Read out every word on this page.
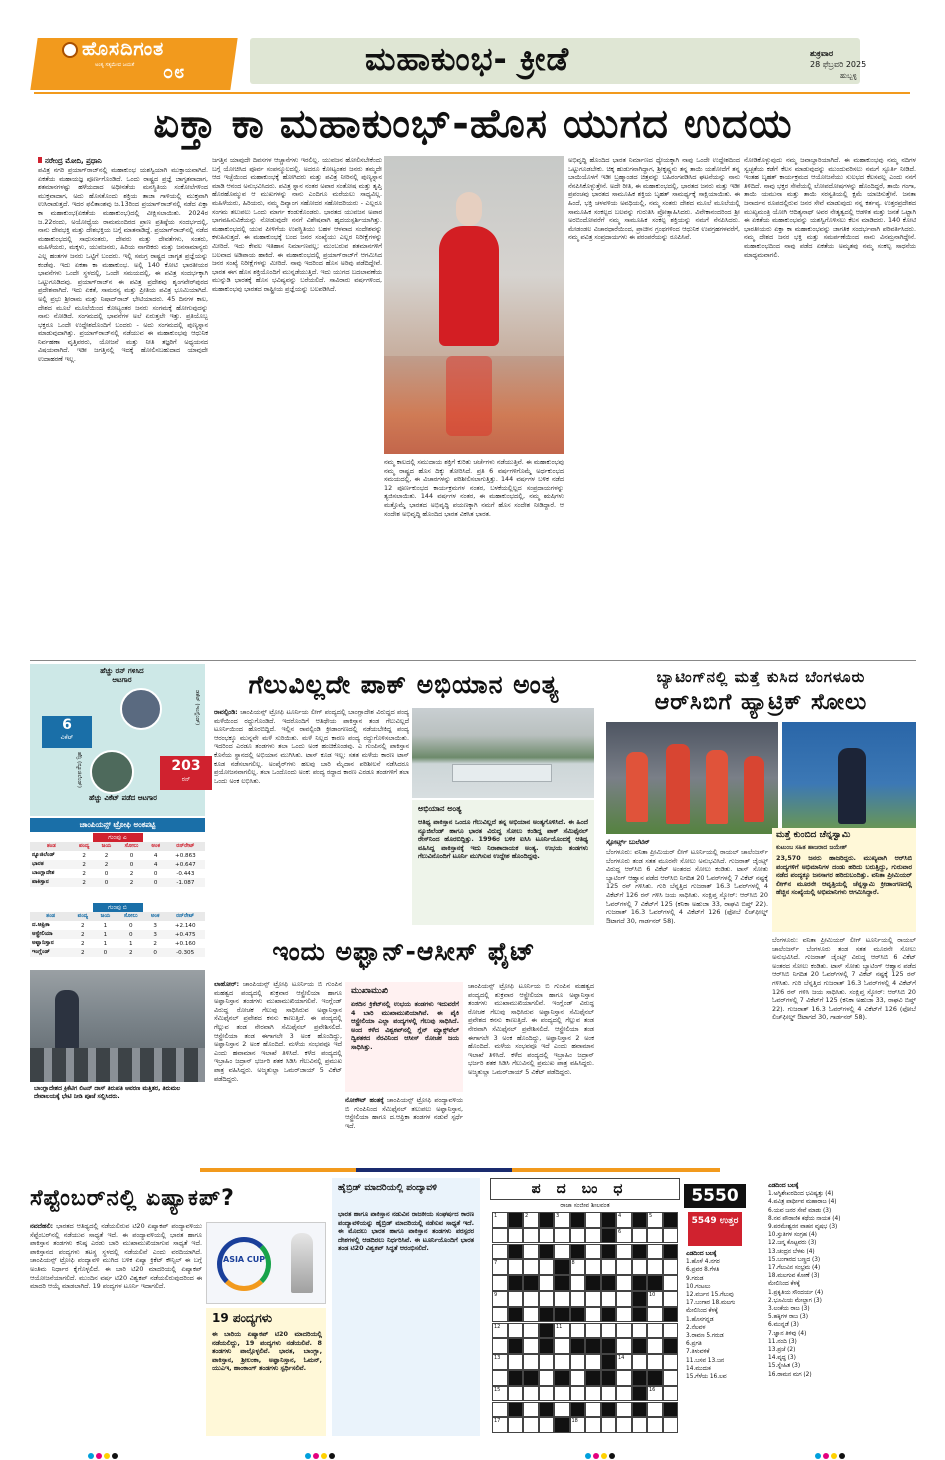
ಹೊಸದಿಗಂತ
ಅಂತ್ಯ ಸತ್ಯಮೇವ ಜಯತೆ ೦೮	ಮಹಾಕುಂಭ- ಕ್ರೀಡೆ	ಶುಕ್ರವಾರ
28 ಫೆಬ್ರವರಿ 2025
ಹುಬ್ಬಳ್ಳಿ
ಏಕ್ತಾ ಕಾ ಮಹಾಕುಂಭ್-ಹೊಸ ಯುಗದ ಉದಯ
ನರೇಂದ್ರ ಮೋದಿ, ಪ್ರಧಾನಿ
ಪವಿತ್ರ ನಗರಿ ಪ್ರಯಾಗ್‌ರಾಜ್‌ನಲ್ಲಿ ಮಹಾಕುಂಭ ಯಶಸ್ವಿಯಾಗಿ ಮುಕ್ತಾಯವಾಗಿದೆ. ಏಕತೆಯ ಮಹಾಯಜ್ಞ ಪೂರ್ಣಗೊಂಡಿದೆ. ಒಂದು ರಾಷ್ಟ್ರದ ಪ್ರಜ್ಞೆ ಜಾಗೃತವಾದಾಗ, ಶತಮಾನಗಳಷ್ಟು ಹಳೆಯದಾದ ಅಧೀನತೆಯ ಮನಸ್ಥಿತಿಯ ಸಂಕೋಲೆಗಳಿಂದ ಮುಕ್ತವಾದಾಗ, ಅದು ಹೊಸತೊಂದು ಶಕ್ತಿಯ ತಾಜಾ ಗಾಳಿಯಲ್ಲಿ ಮುಕ್ತವಾಗಿ ಉಸಿರಾಡುತ್ತದೆ. ಇದರ ಫಲಿತಾಂಶವು ಜ.13ರಿಂದ ಪ್ರಯಾಗ್‌ರಾಜ್‌ನಲ್ಲಿ ನಡೆದ ಏಕ್ತಾ ಕಾ ಮಹಾಕುಂಭ(ಏಕತೆಯ ಮಹಾಕುಂಭ)ದಲ್ಲಿ ವೀಕ್ಷಿಸಲಾಯಿತು. 2024ರ ಜ.22ರಂದು, ಅಯೋಧ್ಯೆಯ ರಾಮಮಂದಿರದ ಪ್ರಾಣ ಪ್ರತಿಷ್ಠೆಯ ಸಂದರ್ಭದಲ್ಲಿ, ನಾನು ದೇವಭಕ್ತಿ ಮತ್ತು ದೇಶಭಕ್ತಿಯ ಬಗ್ಗೆ ಮಾತನಾಡಿದ್ದೆ. ಪ್ರಯಾಗ್‌ರಾಜ್‌ನಲ್ಲಿ ನಡೆದ ಮಹಾಕುಂಭದಲ್ಲಿ ಸಾಧುಸಂತರು, ದೇವರು ಮತ್ತು ದೇವತೆಗಳು, ಸಂತರು, ಮಹಿಳೆಯರು, ಮಕ್ಕಳು, ಯುವಜನರು, ಹಿರಿಯ ನಾಗರಿಕರು ಮತ್ತು ಜನಸಾಮಾನ್ಯರು ಎಲ್ಲ ಹಂತಗಳ ಜನರು ಒಟ್ಟಿಗೆ ಬಂದರು. ಇಲ್ಲಿ ಸಮಗ್ರ ರಾಷ್ಟ್ರದ ಜಾಗೃತ ಪ್ರಜ್ಞೆಯನ್ನು ಕಂಡೆವು. ಇದು ಏಕತಾ ಕಾ ಮಹಾಕುಂಭ. ಅಲ್ಲಿ 140 ಕೋಟಿ ಭಾರತೀಯರ ಭಾವನೆಗಳು ಒಂದೇ ಸ್ಥಳದಲ್ಲಿ, ಒಂದೇ ಸಮಯದಲ್ಲಿ, ಈ ಪವಿತ್ರ ಸಂದರ್ಭಕ್ಕಾಗಿ ಒಟ್ಟುಗೂಡಿದವು. ಪ್ರಯಾಗ್‌ರಾಜ್‌ನ ಈ ಪವಿತ್ರ ಪ್ರದೇಶವು ಶೃಂಗವೇರ್‌ಪುರದ ಪ್ರದೇಶವಾಗಿದೆ. ಇದು ಏಕತೆ, ಸಾಮರಸ್ಯ ಮತ್ತು ಪ್ರೀತಿಯ ಪವಿತ್ರ ಭೂಮಿಯಾಗಿದೆ. ಅಲ್ಲಿ ಪ್ರಭು ಶ್ರೀರಾಮ ಮತ್ತು ನಿಷಾದ್‌ರಾಜ್‌ ಭೇಟಿಯಾದರು. 45 ದಿನಗಳ ಕಾಲ, ದೇಶದ ಮೂಲೆ ಮೂಲೆಯಿಂದ ಕೋಟ್ಯಂತರ ಜನರು ಸಂಗಮಕ್ಕೆ ಹೋಗುವುದನ್ನು ನಾನು ನೋಡಿದೆ. ಸಂಗಮದಲ್ಲಿ ಭಾವನೆಗಳ ಅಲೆ ಏರುತ್ತಲೇ ಇತ್ತು. ಪ್ರತಿಯೊಬ್ಬ ಭಕ್ತರೂ ಒಂದೇ ಉದ್ದೇಶದೊಂದಿಗೆ ಬಂದರು - ಅದು ಸಂಗಮದಲ್ಲಿ ಪುಣ್ಯಸ್ನಾನ ಮಾಡುವುದಾಗಿತ್ತು. ಪ್ರಯಾಗ್‌ರಾಜ್‌ನಲ್ಲಿ ನಡೆಯುವ ಈ ಮಹಾಕುಂಭವು ಆಧುನಿಕ ನಿರ್ವಹಣಾ ವೃತ್ತಿಪರರು, ಯೋಜನೆ ಮತ್ತು ನೀತಿ ತಜ್ಞರಿಗೆ ಅಧ್ಯಯನದ ವಿಷಯವಾಗಿದೆ. ಇಡೀ ಜಗತ್ತಿನಲ್ಲಿ ಇದಕ್ಕೆ ಹೋಲಿಸಬಹುದಾದ ಯಾವುದೇ ಉದಾಹರಣೆ ಇಲ್ಲ.
ಜಗತ್ತಿನ ಯಾವುದೇ ದಿವಸಗಳ ಆಚ್ಚಾನೆಗಳು ಇರಲಿಲ್ಲ. ಯುವಜನ ಹೋಲಿಸಬೇಕೆಂದು ಬಗ್ಗೆ ಯೋಚಿಸಿದ ಪೂರ್ವ ಸಂಪನ್ಮೂಲದಲ್ಲಿ. ಅದರೂ ಕೋಟ್ಯಂತರ ಜನರು ತಮ್ಮದೇ ಆದ ಇಚ್ಛೆಯಿಂದ ಮಹಾಕುಂಭಕ್ಕೆ ಹೋಗಿದರು ಮತ್ತು ಪವಿತ್ರ ನೀರಿನಲ್ಲಿ ಪುಣ್ಯಸ್ನಾನ ಮಾಡಿ ಆನಂದ ಅನುಭವಿಸಿದರು. ಪವಿತ್ರ ಸ್ನಾನ ನಂತರ ಅಪಾರ ಸಂತೋಷ ಮತ್ತು ತೃಪ್ತಿ ಹೊರಹೊಮ್ಮುವ ಆ ಮುಖಗಳನ್ನು ನಾನು ಎಂದಿಗೂ ಮರೆಯಲು ಸಾಧ್ಯವಿಲ್ಲ. ಮಹಿಳೆಯರು, ಹಿರಿಯರು, ನಮ್ಮ ದಿವ್ಯಾಂಗ ಸಹೋದರ ಸಹೋದರಿಯರು - ಎಲ್ಲರೂ ಸಂಗಮ ತಲುಪಲು ಒಂದು ಮಾರ್ಗ ಕಂಡುಕೊಂಡರು. ಭಾರತದ ಯುವಜನ ಅಪಾರ ಭಾಗವಹಿಸುವಿಕೆಯನ್ನು ನೋಡುವುದೇ ನನಗೆ ವಿಶೇಷವಾಗಿ ಹೃದಯಸ್ಪರ್ಶಿಯಾಗಿತ್ತು. ಮಹಾಕುಂಭದಲ್ಲಿ ಯುವ ಪೀಳಿಗೆಯ ಉಪಸ್ಥಿತಿಯು ಬಹಳ ಆಳವಾದ ಸಂದೇಶವನ್ನು ಕಳುಹಿಸುತ್ತದೆ. ಈ ಮಹಾಕುಂಭಕ್ಕೆ ಬಂದ ಜನರ ಸಂಖ್ಯೆಯು ಎಲ್ಲರ ನಿರೀಕ್ಷೆಗಳನ್ನು ಮೀರಿದೆ. ಇದು ಕೇವಲ ಇತಿಹಾಸ ನಿರ್ಮಾಣವಲ್ಲ; ಮುಂಬರುವ ಶತಮಾನಗಳಿಗೆ ಬಲವಾದ ಅಡಿಪಾಯ ಹಾಕಿದೆ. ಈ ಮಹಾಕುಂಭದಲ್ಲಿ ಪ್ರಯಾಗ್‌ರಾಜ್‌ಗೆ ಆಗಮಿಸಿದ ಜನರ ಸಂಖ್ಯೆ ನಿರೀಕ್ಷೆಗಳನ್ನು ಮೀರಿದೆ. ನಾವು ಇದರಿಂದ ಹೊಸ ಅರಿವು ಪಡೆದಿದ್ದೇವೆ. ಭಾರತ ಈಗ ಹೊಸ ಶಕ್ತಿಯೊಂದಿಗೆ ಮುನ್ನಡೆಯುತ್ತಿದೆ. ಇದು ಯುಗದ ಬದಲಾವಣೆಯ ಮುನ್ನುಡಿ ಭಾರತಕ್ಕೆ ಹೊಸ ಭವಿಷ್ಯವನ್ನು ಬರೆಯಲಿದೆ. ಸಾವಿರಾರು ವರ್ಷಗಳಿಂದ, ಮಹಾಕುಂಭವು ಭಾರತದ ರಾಷ್ಟ್ರೀಯ ಪ್ರಜ್ಞೆಯನ್ನು ಬಲಪಡಿಸಿದೆ.
ನಮ್ಮ ಕಾಲದಲ್ಲಿ ಸಮುದಾಯ ಶಕ್ತಿಗೆ ಕುರಿತು ಚರ್ಚೆಗಳು ನಡೆಯುತ್ತಿವೆ. ಈ ಮಹಾಕುಂಭವು ನಮ್ಮ ರಾಷ್ಟ್ರದ ಹೊಸ ದಿಕ್ಕು ತೋರಿಸಿದೆ. ಪ್ರತಿ 6 ವರ್ಷಗಳಿಗೊಮ್ಮೆ ಅರ್ಧಕುಂಭದ ಸಮಯದಲ್ಲಿ, ಈ ವಿಚಾರಗಳನ್ನು ಪರಿಶೀಲಿಸಲಾಗುತ್ತಿತ್ತು. 144 ವರ್ಷಗಳ ಬಳಿಕ ನಡೆದ 12 ಪೂರ್ಣಕುಂಭದ ಕಾರ್ಯಕ್ರಮಗಳ ನಂತರ, ಬಳಕೆಯಲ್ಲಿಲ್ಲದ ಸಂಪ್ರದಾಯಗಳನ್ನು ತ್ಯಜಿಸಲಾಯಿತು. 144 ವರ್ಷಗಳ ನಂತರ, ಈ ಮಹಾಕುಂಭದಲ್ಲಿ, ನಮ್ಮ ಋಷಿಗಳು ಮತ್ತೊಮ್ಮೆ ಭಾರತದ ಅಭಿವೃದ್ಧಿ ಪಯಣಕ್ಕಾಗಿ ನಮಗೆ ಹೊಸ ಸಂದೇಶ ನೀಡಿದ್ದಾರೆ. ಆ ಸಂದೇಶ ಅಭಿವೃದ್ಧಿ ಹೊಂದಿದ ಭಾರತ ವಿಕಸಿತ ಭಾರತ.
ಅಭಿವೃದ್ಧಿ ಹೊಂದಿದ ಭಾರತ ನಿರ್ಮಾಣದ ಧ್ಯೇಯಕ್ಕಾಗಿ ನಾವು ಒಂದೇ ಉದ್ದೇಶದಿಂದ ಒಟ್ಟುಗೂಡಬೇಕು. ಚಿಕ್ಕ ಹುಡುಗನಾಗಿದ್ದಾಗ, ಶ್ರೀಕೃಷ್ಣನು ತನ್ನ ತಾಯಿ ಯಶೋದೆಗೆ ತನ್ನ ಬಾಯಿಯೊಳಗೆ ಇಡೀ ಬ್ರಹ್ಮಾಂಡದ ಚಿತ್ರವನ್ನು ಬಹಿರಂಗಪಡಿಸಿದ ಘಟನೆಯನ್ನು ನಾನು ನೆನಪಿಸಿಕೊಳ್ಳುತ್ತೇನೆ. ಅದೇ ರೀತಿ, ಈ ಮಹಾಕುಂಭದಲ್ಲಿ, ಭಾರತದ ಜನರು ಮತ್ತು ಇಡೀ ಪ್ರಪಂಚವು ಭಾರತದ ಸಾಮೂಹಿಕ ಶಕ್ತಿಯ ಬೃಹತ್ ಸಾಮರ್ಥ್ಯಕ್ಕೆ ಸಾಕ್ಷಿಯಾಯಿತು. ಈ ಹಿಂದೆ, ಭಕ್ತಿ ಚಳವಳಿಯ ಅವಧಿಯಲ್ಲಿ, ನಮ್ಮ ಸಂತರು ದೇಶದ ಮೂಲೆ ಮೂಲೆಯಲ್ಲಿ ಸಾಮೂಹಿಕ ಸಂಕಲ್ಪದ ಬಲವನ್ನು ಗುರುತಿಸಿ ಪ್ರೋತ್ಸಾಹಿಸಿದರು. ವಿವೇಕಾನಂದರಿಂದ ಶ್ರೀ ಅರಬಿಂದೋವರೆಗೆ ನಮ್ಮ ಸಾಮೂಹಿಕ ಸಂಕಲ್ಪ ಶಕ್ತಿಯನ್ನು ನಮಗೆ ನೆನಪಿಸಿದರು. ಮೇಡಂಡಲ ವಿಚಾರಧಾರೆಯಿಂದ, ಪ್ರಾಚೀನ ಗ್ರಂಥಗಳಿಂದ ಆಧುನಿಕ ಉಪಗ್ರಹಗಳವರೆಗೆ, ನಮ್ಮ ಪವಿತ್ರ ಸಂಪ್ರದಾಯಗಳು ಈ ಪರಂಪರೆಯನ್ನು ರೂಪಿಸಿವೆ.
ನೋಡಿಕೊಳ್ಳುವುದು ನಮ್ಮ ಜವಾಬ್ದಾರಿಯಾಗಿದೆ. ಈ ಮಹಾಕುಂಭವು ನಮ್ಮ ನದಿಗಳ ಸ್ವಚ್ಛತೆಯ ಕಡೆಗೆ ಕೆಲಸ ಮಾಡುವುದನ್ನು ಮುಂದುವರಿಸಲು ನಮಗೆ ಸ್ಫೂರ್ತಿ ನೀಡಿದೆ. ಇಂತಹ ಬೃಹತ್ ಕಾರ್ಯಕ್ರಮದ ಆಯೋಜನೆಯು ಸುಲಭದ ಕೆಲಸವಲ್ಲ ಎಂದು ನನಗೆ ತಿಳಿದಿದೆ. ನಾವು ಭಕ್ತರ ಸೇವೆಯಲ್ಲಿ ಲೋಪದೋಷಗಳನ್ನು ಹೊಂದಿದ್ದರೆ, ತಾಯಿ ಗಂಗಾ, ತಾಯಿ ಯಮುನಾ ಮತ್ತು ತಾಯಿ ಸರಸ್ವತಿಯಲ್ಲಿ ಕ್ಷಮೆ ಯಾಚಿಸುತ್ತೇನೆ. ಜನತಾ ಜನಾರ್ದನ ರೂಪದಲ್ಲಿರುವ ಜನರ ಸೇವೆ ಮಾಡುವುದು ನನ್ನ ಕರ್ತವ್ಯ. ಉತ್ತರಪ್ರದೇಶದ ಮುಖ್ಯಮಂತ್ರಿ ಯೋಗಿ ಆದಿತ್ಯನಾಥ್ ಅವರ ನೇತೃತ್ವದಲ್ಲಿ ಆಡಳಿತ ಮತ್ತು ಜನತೆ ಒಟ್ಟಾಗಿ ಈ ಏಕತೆಯ ಮಹಾಕುಂಭವನ್ನು ಯಶಸ್ವಿಗೊಳಿಸಲು ಕೆಲಸ ಮಾಡಿದರು. 140 ಕೋಟಿ ಭಾರತೀಯರು ಏಕ್ತಾ ಕಾ ಮಹಾಕುಂಭವನ್ನು ಜಾಗತಿಕ ಸಂದರ್ಭವಾಗಿ ಪರಿವರ್ತಿಸಿದರು. ನಮ್ಮ ದೇಶದ ಜನರ ಭಕ್ತಿ ಮತ್ತು ಸಮರ್ಪಣೆಯಿಂದ ನಾನು ವಿನಮ್ರನಾಗಿದ್ದೇನೆ. ಮಹಾಕುಂಭದಿಂದ ನಾವು ಪಡೆದ ಏಕತೆಯ ಅಮೃತವು ನಮ್ಮ ಸಂಕಲ್ಪ ಸಾಧನೆಯ ಮಾಧ್ಯಮವಾಗಲಿ.
ಹೆಚ್ಚು ರನ್ ಗಳಿಸಿದ ಆಟಗಾರ
ಡಕೆಟ್ (ಇಂಗ್ಲೆಂಡ್)
6
ವಿಕೆಟ್
203
ರನ್
ಹೆನ್ರಿ (ನ್ಯೂಜಿಲೆಂಡ್)
ಹೆಚ್ಚು ವಿಕೆಟ್ ಪಡೆದ ಆಟಗಾರ
ಚಾಂಪಿಯನ್ಸ್ ಟ್ರೋಫಿ ಅಂಕಪಟ್ಟಿ
ಗುಂಪು ಎ
ತಂಡ	ಪಂದ್ಯ	ಜಯ	ಸೋಲು	ಅಂಕ	ರನ್‌ರೇಟ್
ನ್ಯೂಜಿಲೆಂಡ್	2	2	0	4	+0.863
ಭಾರತ	2	2	0	4	+0.647
ಬಾಂಗ್ಲಾದೇಶ	2	0	2	0	-0.443
ಪಾಕಿಸ್ತಾನ	2	0	2	0	-1.087
ಗುಂಪು ಬಿ
ತಂಡ	ಪಂದ್ಯ	ಜಯ	ಸೋಲು	ಅಂಕ	ರನ್‌ರೇಟ್
ದ.ಆಫ್ರಿಕಾ	2	1	0	3	+2.140
ಆಸ್ಟ್ರೇಲಿಯಾ	2	1	0	3	+0.475
ಅಫ್ಘಾನಿಸ್ತಾನ	2	1	1	2	+0.160
ಇಂಗ್ಲೆಂಡ್	2	0	2	0	-0.305
ಬಾಂಗ್ಲಾದೇಶದ ಕ್ರಿಕೆಟಿಗ ಲಿಟನ್ ದಾಸ್ ತಿರುಪತಿ ಆವರಣ ಮತ್ತಿತರ, ತಿರುಮಲ ದೇವಾಲಯಕ್ಕೆ ಭೇಟಿ ನೀಡಿ ಪೂಜೆ ಸಲ್ಲಿಸಿದರು.
ಗೆಲುವಿಲ್ಲದೇ ಪಾಕ್ ಅಭಿಯಾನ ಅಂತ್ಯ
ರಾವಲ್ಪಿಂಡಿ: ಚಾಂಪಿಯನ್ಸ್ ಟ್ರೋಫಿ ಟೂರ್ನಿಯ ಲೀಗ್‌ ಪಂದ್ಯದಲ್ಲಿ ಬಾಂಗ್ಲಾದೇಶ ವಿರುದ್ಧದ ಪಂದ್ಯ ಮಳೆಯಿಂದ ರದ್ದುಗೊಂಡಿದೆ. ಇದರೊಂದಿಗೆ ಆತಿಥೇಯ ಪಾಕಿಸ್ತಾನ ತಂಡ ಗೆಲುವಿಲ್ಲದೆ ಟೂರ್ನಿಯಿಂದ ಹೊರಬಿದ್ದಿದೆ. ಇಲ್ಲಿನ ರಾವಲ್ಪಿಂಡಿ ಕ್ರೀಡಾಂಗಣದಲ್ಲಿ ನಡೆಯಬೇಕಿದ್ದ ಪಂದ್ಯ ಆರಂಭಕ್ಕೂ ಮುನ್ನವೇ ಮಳೆ ಸುರಿಯಿತು. ಮಳೆ ನಿಲ್ಲದ ಕಾರಣ ಪಂದ್ಯ ರದ್ದುಗೊಳಿಸಲಾಯಿತು. ಇದರಿಂದ ಎರಡೂ ತಂಡಗಳು ತಲಾ ಒಂದು ಅಂಕ ಹಂಚಿಕೊಂಡವು. ಎ ಗುಂಪಿನಲ್ಲಿ ಪಾಕಿಸ್ತಾನ ಕೊನೆಯ ಸ್ಥಾನದಲ್ಲಿ ಅಭಿಯಾನ ಮುಗಿಸಿತು. ಟಾಸ್ ಕೂಡ ಇಲ್ಲ: ಸತತ ಮಳೆಯ ಕಾರಣ ಟಾಸ್ ಕೂಡ ನಡೆಸಲಾಗಲಿಲ್ಲ. ಅಂಪೈರ್‌ಗಳು ಹಲವು ಬಾರಿ ಮೈದಾನ ಪರಿಶೀಲನೆ ನಡೆಸಿದರೂ ಪ್ರಯೋಜನವಾಗಲಿಲ್ಲ. ತಲಾ ಒಂದೊಂದು ಅಂಕ: ಪಂದ್ಯ ರದ್ದಾದ ಕಾರಣ ಎರಡೂ ತಂಡಗಳಿಗೆ ತಲಾ ಒಂದು ಅಂಕ ಲಭಿಸಿತು.
ಅಭಿಯಾನ ಅಂತ್ಯ
ಆತಿಥ್ಯ ಪಾಕಿಸ್ತಾನ ಒಂದೂ ಗೆಲುವಿಲ್ಲದೆ ತನ್ನ ಅಭಿಯಾನ ಅಂತ್ಯಗೊಳಿಸಿದೆ. ಈ ಹಿಂದೆ ನ್ಯೂಜಿಲೆಂಡ್ ಹಾಗೂ ಭಾರತ ವಿರುದ್ಧ ಸೋಲು ಕಂಡಿದ್ದ ಪಾಕ್ ಸೆಮಿಫೈನಲ್ ರೇಸ್‌ನಿಂದ ಹೊರಬಿದ್ದಿತ್ತು. 1996ರ ಬಳಿಕ ಐಸಿಸಿ ಟೂರ್ನಿಯೊಂದಕ್ಕೆ ಆತಿಥ್ಯ ವಹಿಸಿದ್ದ ಪಾಕಿಸ್ತಾನಕ್ಕೆ ಇದು ನಿರಾಶಾದಾಯಕ ಅಂತ್ಯ. ಉಭಯ ತಂಡಗಳು ಗೆಲುವಿನೊಂದಿಗೆ ಟೂರ್ನಿ ಮುಗಿಸುವ ಉದ್ದೇಶ ಹೊಂದಿದ್ದವು.
ಬ್ಯಾಟಿಂಗ್‌ನಲ್ಲಿ ಮತ್ತೆ ಕುಸಿದ ಬೆಂಗಳೂರು
ಆರ್‌ಸಿಬಿಗೆ ಹ್ಯಾಟ್ರಿಕ್ ಸೋಲು
ಸ್ಪೋರ್ಟ್ಸ್ ಬುಲೆಟಿನ್
ಬೆಂಗಳೂರು: ವನಿತಾ ಪ್ರೀಮಿಯರ್ ಲೀಗ್ ಟೂರ್ನಿಯಲ್ಲಿ ರಾಯಲ್ ಚಾಲೆಂಜರ್ಸ್ ಬೆಂಗಳೂರು ತಂಡ ಸತತ ಮೂರನೇ ಸೋಲು ಅನುಭವಿಸಿದೆ. ಗುಜರಾತ್ ಜೈಂಟ್ಸ್ ವಿರುದ್ಧ ಆರ್‌ಸಿಬಿ 6 ವಿಕೆಟ್ ಅಂತರದ ಸೋಲು ಕಂಡಿತು. ಟಾಸ್ ಸೋತು ಬ್ಯಾಟಿಂಗ್ ಆಹ್ವಾನ ಪಡೆದ ಆರ್‌ಸಿಬಿ ನಿಗದಿತ 20 ಓವರ್‌ಗಳಲ್ಲಿ 7 ವಿಕೆಟ್ ನಷ್ಟಕ್ಕೆ 125 ರನ್ ಗಳಿಸಿತು. ಗುರಿ ಬೆನ್ನತ್ತಿದ ಗುಜರಾತ್ 16.3 ಓವರ್‌ಗಳಲ್ಲಿ 4 ವಿಕೆಟ್‌ಗೆ 126 ರನ್ ಗಳಿಸಿ ಜಯ ಸಾಧಿಸಿತು. ಸಂಕ್ಷಿಪ್ತ ಸ್ಕೋರ್: ಆರ್‌ಸಿಬಿ 20 ಓವರ್‌ಗಳಲ್ಲಿ 7 ವಿಕೆಟ್‌ಗೆ 125 (ಕನಿಕಾ ಅಹುಜಾ 33, ರಾಘವಿ ಬಿಷ್ತ್ 22). ಗುಜರಾತ್ 16.3 ಓವರ್‌ಗಳಲ್ಲಿ 4 ವಿಕೆಟ್‌ಗೆ 126 (ಫೋಬೆ ಲಿಚ್‌ಫೀಲ್ಡ್ ಔಟಾಗದೆ 30, ಗಾರ್ಡನರ್ 58).
ಮತ್ತೆ ಕುಂಬಿದ ಚೆನ್ನಸ್ವಾಮಿ
ಕುಟುಂಬ ಸಹಿತ ಹಾಜರಾದ ಜಯೇಶ್
23,570 ಜನರು ಹಾಜರಿದ್ದರು. ಮುಖ್ಯವಾಗಿ ಆರ್‌ಸಿಬಿ ಪಂದ್ಯಗಳಿಗೆ ಅಭಿಮಾನಿಗಳ ದಂಡು ಹರಿದು ಬರುತ್ತಿದ್ದು, ಗುರುವಾರ ನಡೆದ ಪಂದ್ಯಕ್ಕೂ ಜನಸಾಗರ ಹರಿದುಬಂದಿತ್ತು. ವನಿತಾ ಪ್ರೀಮಿಯರ್ ಲೀಗ್‌ನ ಮೂರನೇ ಆವೃತ್ತಿಯಲ್ಲಿ ಚೆನ್ನಸ್ವಾಮಿ ಕ್ರೀಡಾಂಗಣದಲ್ಲಿ ಹೆಚ್ಚಿನ ಸಂಖ್ಯೆಯಲ್ಲಿ ಅಭಿಮಾನಿಗಳು ಆಗಮಿಸಿದ್ದಾರೆ.
ಬೆಂಗಳೂರು: ವನಿತಾ ಪ್ರೀಮಿಯರ್ ಲೀಗ್ ಟೂರ್ನಿಯಲ್ಲಿ ರಾಯಲ್ ಚಾಲೆಂಜರ್ಸ್ ಬೆಂಗಳೂರು ತಂಡ ಸತತ ಮೂರನೇ ಸೋಲು ಅನುಭವಿಸಿದೆ. ಗುಜರಾತ್ ಜೈಂಟ್ಸ್ ವಿರುದ್ಧ ಆರ್‌ಸಿಬಿ 6 ವಿಕೆಟ್ ಅಂತರದ ಸೋಲು ಕಂಡಿತು. ಟಾಸ್ ಸೋತು ಬ್ಯಾಟಿಂಗ್ ಆಹ್ವಾನ ಪಡೆದ ಆರ್‌ಸಿಬಿ ನಿಗದಿತ 20 ಓವರ್‌ಗಳಲ್ಲಿ 7 ವಿಕೆಟ್ ನಷ್ಟಕ್ಕೆ 125 ರನ್ ಗಳಿಸಿತು. ಗುರಿ ಬೆನ್ನತ್ತಿದ ಗುಜರಾತ್ 16.3 ಓವರ್‌ಗಳಲ್ಲಿ 4 ವಿಕೆಟ್‌ಗೆ 126 ರನ್ ಗಳಿಸಿ ಜಯ ಸಾಧಿಸಿತು. ಸಂಕ್ಷಿಪ್ತ ಸ್ಕೋರ್: ಆರ್‌ಸಿಬಿ 20 ಓವರ್‌ಗಳಲ್ಲಿ 7 ವಿಕೆಟ್‌ಗೆ 125 (ಕನಿಕಾ ಅಹುಜಾ 33, ರಾಘವಿ ಬಿಷ್ತ್ 22). ಗುಜರಾತ್ 16.3 ಓವರ್‌ಗಳಲ್ಲಿ 4 ವಿಕೆಟ್‌ಗೆ 126 (ಫೋಬೆ ಲಿಚ್‌ಫೀಲ್ಡ್ ಔಟಾಗದೆ 30, ಗಾರ್ಡನರ್ 58).
ಇಂದು ಅಫ್ಘಾನ್-ಆಸೀಸ್ ಫೈಟ್
ಲಾಹೋರ್: ಚಾಂಪಿಯನ್ಸ್ ಟ್ರೋಫಿ ಟೂರ್ನಿಯ ಬಿ ಗುಂಪಿನ ಮಹತ್ವದ ಪಂದ್ಯದಲ್ಲಿ ಶುಕ್ರವಾರ ಆಸ್ಟ್ರೇಲಿಯಾ ಹಾಗೂ ಅಫ್ಘಾನಿಸ್ತಾನ ತಂಡಗಳು ಮುಖಾಮುಖಿಯಾಗಲಿವೆ. ಇಂಗ್ಲೆಂಡ್ ವಿರುದ್ಧ ರೋಚಕ ಗೆಲುವು ಸಾಧಿಸಿರುವ ಅಫ್ಘಾನಿಸ್ತಾನ ಸೆಮಿಫೈನಲ್ ಪ್ರವೇಶದ ಕನಸು ಕಾಣುತ್ತಿದೆ. ಈ ಪಂದ್ಯದಲ್ಲಿ ಗೆಲ್ಲುವ ತಂಡ ನೇರವಾಗಿ ಸೆಮಿಫೈನಲ್ ಪ್ರವೇಶಿಸಲಿದೆ. ಆಸ್ಟ್ರೇಲಿಯಾ ತಂಡ ಈಗಾಗಲೇ 3 ಅಂಕ ಹೊಂದಿದ್ದು, ಅಫ್ಘಾನಿಸ್ತಾನ 2 ಅಂಕ ಹೊಂದಿದೆ. ಮಳೆಯ ಸಂಭವವೂ ಇದೆ ಎಂದು ಹವಾಮಾನ ಇಲಾಖೆ ತಿಳಿಸಿದೆ. ಕಳೆದ ಪಂದ್ಯದಲ್ಲಿ ಇಬ್ರಾಹಿಂ ಜದ್ರಾನ್ ಭರ್ಜರಿ ಶತಕ ಸಿಡಿಸಿ ಗೆಲುವಿನಲ್ಲಿ ಪ್ರಮುಖ ಪಾತ್ರ ವಹಿಸಿದ್ದರು. ಅಜ್ಮತುಲ್ಲಾ ಒಮರ್‌ಜಾಯ್ 5 ವಿಕೆಟ್ ಪಡೆದಿದ್ದರು.
ಮುಖಾಮುಖಿ
ಏಕದಿನ ಕ್ರಿಕೆಟ್‌ನಲ್ಲಿ ಉಭಯ ತಂಡಗಳು ಇದುವರೆಗೆ 4 ಬಾರಿ ಮುಖಾಮುಖಿಯಾಗಿವೆ. ಈ ಪೈಕಿ ಆಸ್ಟ್ರೇಲಿಯಾ ಎಲ್ಲಾ ಪಂದ್ಯಗಳಲ್ಲಿ ಗೆಲುವು ಸಾಧಿಸಿದೆ. ಅಂದ ಕಳೆದ ವಿಶ್ವಕಪ್‌ನಲ್ಲಿ ಗ್ಲೆನ್ ಮ್ಯಾಕ್ಸ್‌ವೆಲ್ ದ್ವಿಶತಕದ ನೆರವಿನಿಂದ ಆಸೀಸ್ ರೋಚಕ ಜಯ ಸಾಧಿಸಿತ್ತು.
ಚಾಂಪಿಯನ್ಸ್ ಟ್ರೋಫಿ ಟೂರ್ನಿಯ ಬಿ ಗುಂಪಿನ ಮಹತ್ವದ ಪಂದ್ಯದಲ್ಲಿ ಶುಕ್ರವಾರ ಆಸ್ಟ್ರೇಲಿಯಾ ಹಾಗೂ ಅಫ್ಘಾನಿಸ್ತಾನ ತಂಡಗಳು ಮುಖಾಮುಖಿಯಾಗಲಿವೆ. ಇಂಗ್ಲೆಂಡ್ ವಿರುದ್ಧ ರೋಚಕ ಗೆಲುವು ಸಾಧಿಸಿರುವ ಅಫ್ಘಾನಿಸ್ತಾನ ಸೆಮಿಫೈನಲ್ ಪ್ರವೇಶದ ಕನಸು ಕಾಣುತ್ತಿದೆ. ಈ ಪಂದ್ಯದಲ್ಲಿ ಗೆಲ್ಲುವ ತಂಡ ನೇರವಾಗಿ ಸೆಮಿಫೈನಲ್ ಪ್ರವೇಶಿಸಲಿದೆ. ಆಸ್ಟ್ರೇಲಿಯಾ ತಂಡ ಈಗಾಗಲೇ 3 ಅಂಕ ಹೊಂದಿದ್ದು, ಅಫ್ಘಾನಿಸ್ತಾನ 2 ಅಂಕ ಹೊಂದಿದೆ. ಮಳೆಯ ಸಂಭವವೂ ಇದೆ ಎಂದು ಹವಾಮಾನ ಇಲಾಖೆ ತಿಳಿಸಿದೆ. ಕಳೆದ ಪಂದ್ಯದಲ್ಲಿ ಇಬ್ರಾಹಿಂ ಜದ್ರಾನ್ ಭರ್ಜರಿ ಶತಕ ಸಿಡಿಸಿ ಗೆಲುವಿನಲ್ಲಿ ಪ್ರಮುಖ ಪಾತ್ರ ವಹಿಸಿದ್ದರು. ಅಜ್ಮತುಲ್ಲಾ ಒಮರ್‌ಜಾಯ್ 5 ವಿಕೆಟ್ ಪಡೆದಿದ್ದರು.
ನೋಕೌಟ್ ಹಂತಕ್ಕೆ ಚಾಂಪಿಯನ್ಸ್ ಟ್ರೋಫಿ ಪಂದ್ಯಾವಳಿಯ ಬಿ ಗುಂಪಿನಿಂದ ಸೆಮಿಫೈನಲ್ ತಲುಪಲು ಅಫ್ಘಾನಿಸ್ತಾನ, ಆಸ್ಟ್ರೇಲಿಯಾ ಹಾಗೂ ದ.ಆಫ್ರಿಕಾ ತಂಡಗಳ ನಡುವೆ ಸ್ಪರ್ಧೆ ಇದೆ.
ಸೆಪ್ಟೆಂಬರ್‌ನಲ್ಲಿ ಏಷ್ಯಾಕಪ್?
ನವದೆಹಲಿ: ಭಾರತದ ಆತಿಥ್ಯದಲ್ಲಿ ನಡೆಯಲಿರುವ ಟಿ20 ಏಷ್ಯಾಕಪ್ ಪಂದ್ಯಾವಳಿಯು ಸೆಪ್ಟೆಂಬರ್‌ನಲ್ಲಿ ನಡೆಯುವ ಸಾಧ್ಯತೆ ಇದೆ. ಈ ಪಂದ್ಯಾವಳಿಯಲ್ಲಿ ಭಾರತ ಹಾಗೂ ಪಾಕಿಸ್ತಾನ ತಂಡಗಳು ಕನಿಷ್ಠ ಎರಡು ಬಾರಿ ಮುಖಾಮುಖಿಯಾಗುವ ಸಾಧ್ಯತೆ ಇದೆ. ಪಾಕಿಸ್ತಾನದ ಪಂದ್ಯಗಳು ತಟಸ್ಥ ಸ್ಥಳದಲ್ಲಿ ನಡೆಯಲಿವೆ ಎಂದು ವರದಿಯಾಗಿದೆ. ಚಾಂಪಿಯನ್ಸ್ ಟ್ರೋಫಿ ಪಂದ್ಯಾವಳಿ ಮುಗಿದ ಬಳಿಕ ಏಷ್ಯಾ ಕ್ರಿಕೆಟ್ ಕೌನ್ಸಿಲ್ ಈ ಬಗ್ಗೆ ಅಂತಿಮ ನಿರ್ಧಾರ ಕೈಗೊಳ್ಳಲಿದೆ. ಈ ಬಾರಿ ಟಿ20 ಮಾದರಿಯಲ್ಲಿ ಏಷ್ಯಾಕಪ್ ಆಯೋಜನೆಯಾಗಲಿದೆ. ಮುಂದಿನ ವರ್ಷ ಟಿ20 ವಿಶ್ವಕಪ್ ನಡೆಯಲಿರುವುದರಿಂದ ಈ ಮಾದರಿ ಆಯ್ಕೆ ಮಾಡಲಾಗಿದೆ. 19 ಪಂದ್ಯಗಳ ಟೂರ್ನಿ ಇದಾಗಲಿದೆ.
ASIA CUP
19 ಪಂದ್ಯಗಳು
ಈ ಬಾರಿಯ ಏಷ್ಯಾಕಪ್ ಟಿ20 ಮಾದರಿಯಲ್ಲಿ ನಡೆಯಲಿದ್ದು, 19 ಪಂದ್ಯಗಳು ನಡೆಯಲಿವೆ. 8 ತಂಡಗಳು ಪಾಲ್ಗೊಳ್ಳಲಿವೆ. ಭಾರತ, ಬಾಂಗ್ಲಾ, ಪಾಕಿಸ್ತಾನ, ಶ್ರೀಲಂಕಾ, ಅಫ್ಘಾನಿಸ್ತಾನ, ಓಮನ್, ಯುಎಇ, ಹಾಂಕಾಂಗ್ ತಂಡಗಳು ಸ್ಪರ್ಧಿಸಲಿವೆ.
ಹೈಬ್ರಿಡ್ ಮಾದರಿಯಲ್ಲಿ ಪಂದ್ಯಾವಳಿ
ಭಾರತ ಹಾಗೂ ಪಾಕಿಸ್ತಾನ ನಡುವಿನ ರಾಜಕೀಯ ಸಂಘರ್ಷದ ಕಾರಣ ಪಂದ್ಯಾವಳಿಯನ್ನು ಹೈಬ್ರಿಡ್ ಮಾದರಿಯಲ್ಲಿ ನಡೆಸುವ ಸಾಧ್ಯತೆ ಇದೆ. ಈ ಮೊದಲು ಭಾರತ ಹಾಗೂ ಪಾಕಿಸ್ತಾನ ತಂಡಗಳು ಪರಸ್ಪರರ ದೇಶಗಳಲ್ಲಿ ಆಡದಿರಲು ನಿರ್ಧರಿಸಿವೆ. ಈ ಟೂರ್ನಿಯೊಂದಿಗೆ ಭಾರತ ತಂಡ ಟಿ20 ವಿಶ್ವಕಪ್ ಸಿದ್ಧತೆ ಆರಂಭಿಸಲಿದೆ.
ಪದಬಂಧ
ರಾಜಾ ಸಂಜೀವ ಶೀಲವಂತ
1	2	3	4	5
6
7	8
9	10
12	11
13	14
15	16
17	18
5550
5549 ಉತ್ತರ
ಎಡದಿಂದ ಬಲಕ್ಕೆ
1.ಹೊಳೆ 4.ನಗರ
6.ಪ್ರವರ 8.ಗೆಳತಿ
9.ಗರುಡ
10.ಗಂಟಲು
12.ವರ್ಜನ 15.ಗೆಲುವು
17.ಬಂಗಾರ 18.ಮಲಗು
ಮೇಲಿನಿಂದ ಕೆಳಕ್ಕೆ
1.ಹೊಸಗನ್ನಡ
2.ನೆಲವಳ
3.ರಾವಣ 5.ಗರುಡ
6.ಪ್ರಗತಿ
7.ತಿಳುವಳಿಕೆ
11.ಬಸವ 13.ಜನ
14.ಮುದುಕ
15.ಗೆಳೆಯ 16.ಲವ
ಎಡದಿಂದ ಬಲಕ್ಕೆ
1.ಅಗ್ನಿಶೇಖರದಿಂದ ಭವಿಷ್ಯತ್ತು (4)
4.ಪವಿತ್ರ ಪಾರ್ಥೀವ ಮಹಾರಾಜ (4)
6.ಯವ ಜನರ ಸೇವೆ ಮಾಡು (3)
8.ನವ ಪೌರಾಣಿಕ ಕಥೆಯ ನಾಯಕ (4)
9.ಪರಮೇಶ್ವರನ ವಾಹನ ವೃಷಭ (3)
10.ಸ್ತುತಿಗಳ ಸಂಗ್ರಹ (4)
12.ಜನ್ಮ ಕೊಟ್ಟವರು (3)
13.ಚಂದ್ರನ ಬೆಳಕು (4)
15.ಬಂಗಾರದ ಬಣ್ಣದ (3)
17.ಗೆಲುವಿನ ಸಂಭ್ರಮ (4)
18.ಮಲಗುವ ಕೋಣೆ (3)
ಮೇಲಿನಿಂದ ಕೆಳಕ್ಕೆ
1.ಪ್ರಕೃತಿಯ ಸೌಂದರ್ಯ (4)
2.ಭೂಮಿಯ ಮೇಲ್ಭಾಗ (3)
3.ಲಂಕೆಯ ರಾಜ (3)
5.ಹಕ್ಕಿಗಳ ರಾಜ (3)
6.ಮುನ್ನಡೆ (3)
7.ಜ್ಞಾನ ತಿಳಿವು (4)
11.ನಂದಿ (3)
13.ಪ್ರಜೆ (2)
14.ವೃದ್ಧ (3)
15.ಸ್ನೇಹಿತ (3)
16.ರಾಮನ ಮಗ (2)
